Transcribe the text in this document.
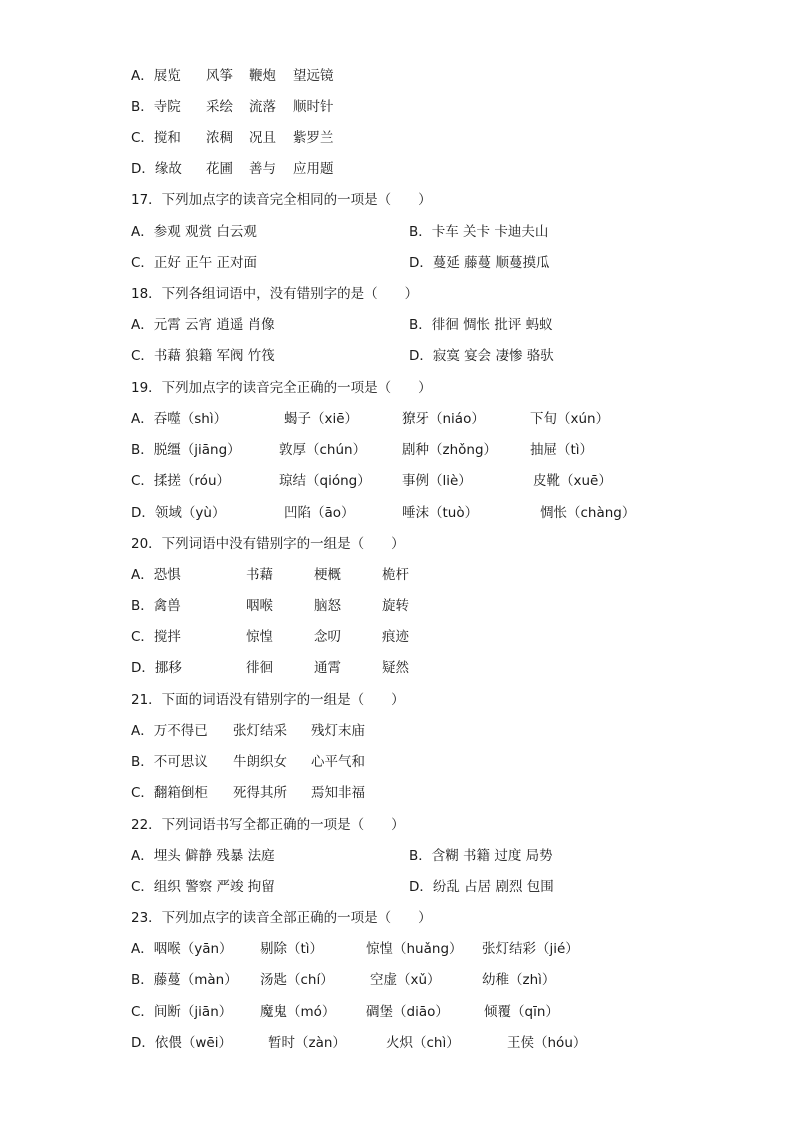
A．展览 风筝 鞭炮 望远镜
B．寺院 采绘 流落 顺时针
C．搅和 浓稠 况且 紫罗兰
D．缘故 花圃 善与 应用题
17．下列加点字的读音完全相同的一项是（　　）
A．参观 观赏 白云观	B．卡车 关卡 卡迪夫山
C．正好 正午 正对面	D．蔓延 藤蔓 顺蔓摸瓜
18．下列各组词语中，没有错别字的是（　　）
A．元霄 云宵 逍遥 肖像	B．徘徊 惆怅 批评 蚂蚁
C．书藉 狼籍 军阀 竹筏	D．寂寞 宴会 凄惨 骆驮
19．下列加点字的读音完全正确的一项是（　　）
A．吞噬（shì）	蝎子（xiē）	獠牙（niáo）	下旬（xún）
B．脱缰（jiāng）	敦厚（chún）	剧种（zhǒng） 抽屉（tì）
C．揉搓（róu）	琼结（qióng） 事例（liè）	皮靴（xuē）
D．领域（yù）	凹陷（āo）	唾沫（tuò）	惆怅（chàng）
20．下列词语中没有错别字的一组是（　　）
A．恐惧	书藉	梗概	桅杆
B．禽兽	咽喉	脑怒	旋转
C．搅拌	惊惶	念叨	痕迹
D．挪移	徘徊	通霄	疑然
21．下面的词语没有错别字的一组是（　　）
A．万不得已 张灯结采 残灯末庙
B．不可思议 牛朗织女 心平气和
C．翻箱倒柜 死得其所 焉知非福
22．下列词语书写全都正确的一项是（　　）
A．埋头 僻静 残暴 法庭	B．含糊 书籍 过度 局势
C．组织 警察 严竣 拘留	D．纷乱 占居 剧烈 包围
23．下列加点字的读音全部正确的一项是（　　）
A．咽喉（yān） 剔除（tì）	惊惶（huǎng） 张灯结彩（jié）
B．藤蔓（màn） 汤匙（chí）	空虚（xǔ）	幼稚（zhì）
C．间断（jiān） 魔鬼（mó） 碉堡（diāo）	倾覆（qīn）
D．依偎（wēi）	暂时（zàn）	火炽（chì）	王侯（hóu）
